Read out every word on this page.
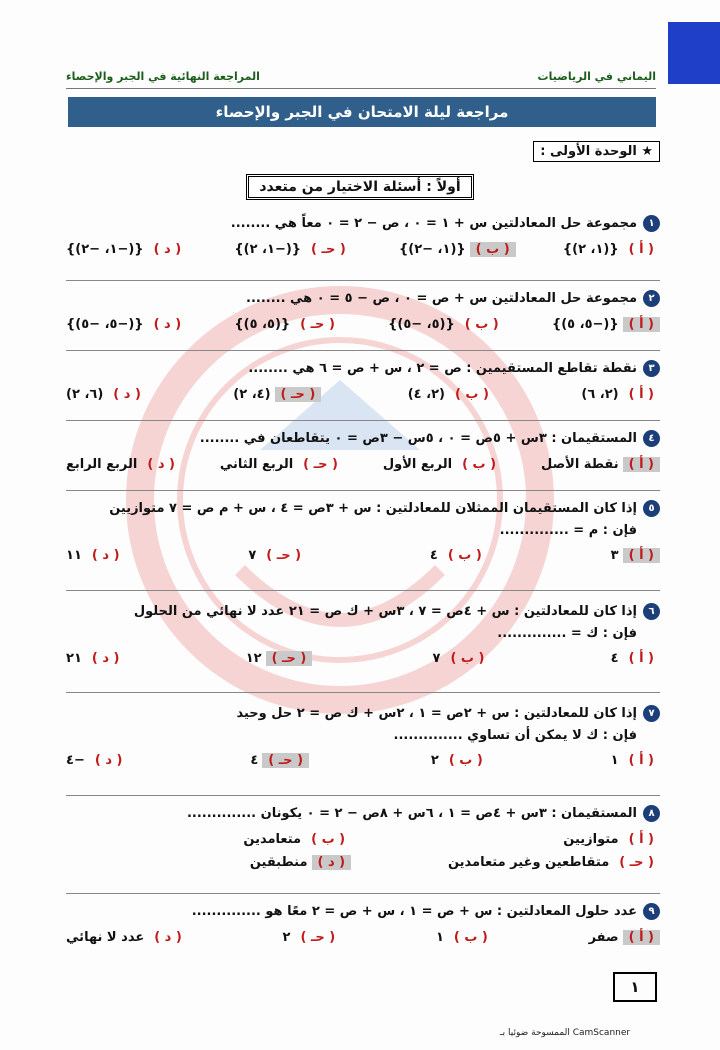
اليماني في الرياضيات
المراجعة النهائية في الجبر والإحصاء
مراجعة ليلة الامتحان في الجبر والإحصاء
★ الوحدة الأولى :
أولاً : أسئلة الاختيار من متعدد
١
مجموعة حل المعادلتين س + ١ = ٠ ، ص − ٢ = ٠ معاً هي ........
( أ )
{(١، ٢)}
( ب )
{(١، −٢)}
( حـ )
{(−١، ٢)}
( د )
{(−١، −٢)}
٢
مجموعة حل المعادلتين س + ص = ٠ ، ص − ٥ = ٠ هي ........
( أ )
{(−٥، ٥)}
( ب )
{(٥، −٥)}
( حـ )
{(٥، ٥)}
( د )
{(−٥، −٥)}
٣
نقطة تقاطع المستقيمين : ص = ٢ ، س + ص = ٦ هي ........
( أ )
(٢، ٦)
( ب )
(٢، ٤)
( حـ )
(٤، ٢)
( د )
(٦، ٢)
٤
المستقيمان : ٣س + ٥ص = ٠ ، ٥س − ٣ص = ٠ يتقاطعان في ........
( أ )
نقطة الأصل
( ب )
الربع الأول
( حـ )
الربع الثاني
( د )
الربع الرابع
٥
إذا كان المستقيمان الممثلان للمعادلتين : س + ٣ص = ٤ ، س + م ص = ٧ متوازيين
فإن : م = ..............
( أ )
٣
( ب )
٤
( حـ )
٧
( د )
١١
٦
إذا كان للمعادلتين : س + ٤ص = ٧ ، ٣س + ك ص = ٢١ عدد لا نهائي من الحلول
فإن : ك = ..............
( أ )
٤
( ب )
٧
( حـ )
١٢
( د )
٢١
٧
إذا كان للمعادلتين : س + ٢ص = ١ ، ٢س + ك ص = ٢ حل وحيد
فإن : ك لا يمكن أن تساوي ..............
( أ )
١
( ب )
٢
( حـ )
٤
( د )
−٤
٨
المستقيمان : ٣س + ٤ص = ١ ، ٦س + ٨ص − ٢ = ٠ يكونان ..............
( أ )
متوازيين
( ب )
متعامدين
( حـ )
متقاطعين وغير متعامدين
( د )
منطبقين
٩
عدد حلول المعادلتين : س + ص = ١ ، س + ص = ٢ معًا هو ..............
( أ )
صفر
( ب )
١
( حـ )
٢
( د )
عدد لا نهائي
١
الممسوحة ضوئيا بـ CamScanner
